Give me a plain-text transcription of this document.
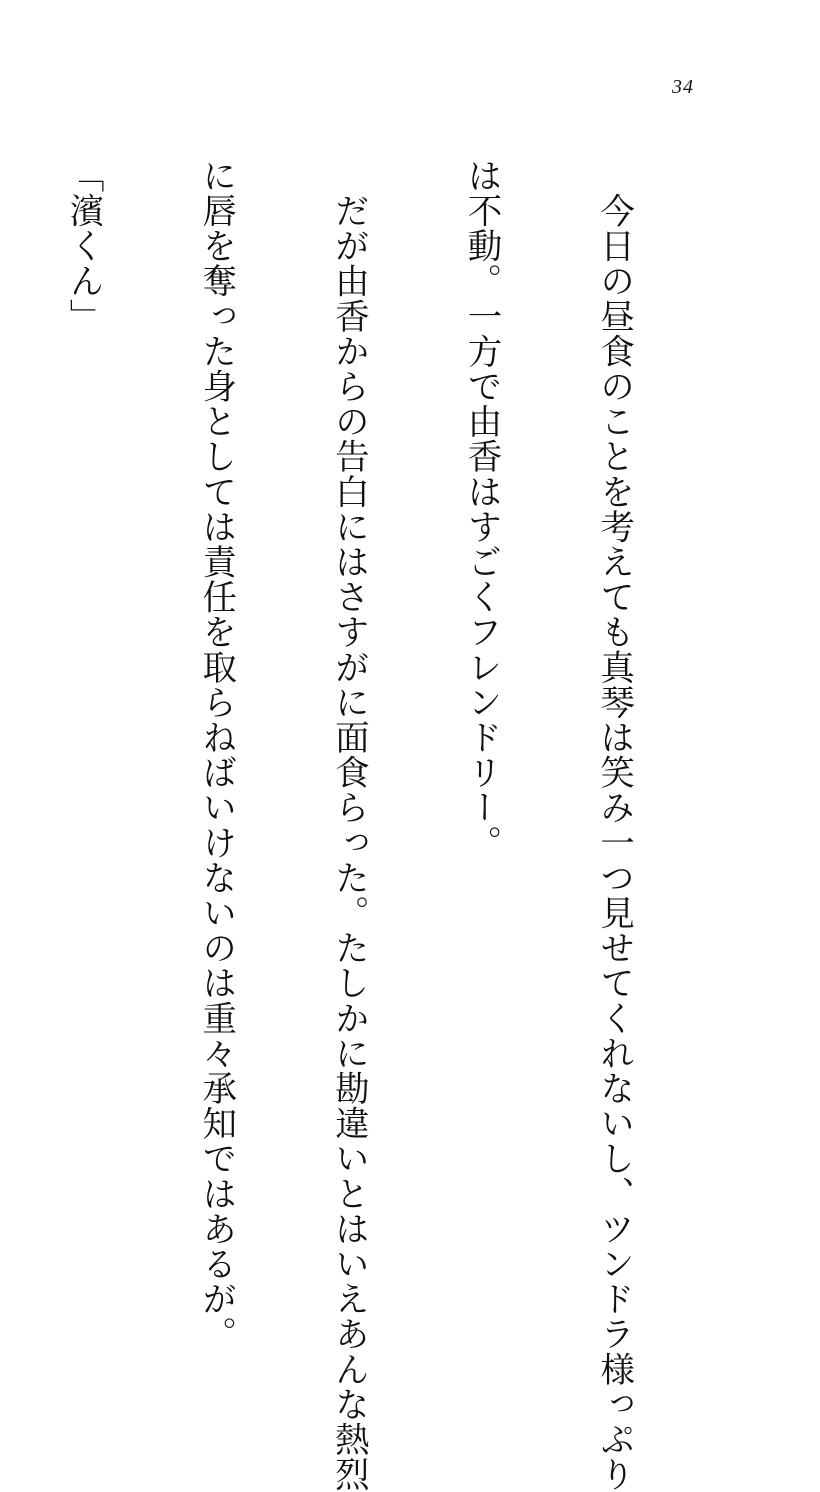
34

　今日の昼食のことを考えても真琴は笑み一つ見せてくれないし、ツンドラ様っぷり

は不動。一方で由香はすごくフレンドリー。

　だが由香からの告白にはさすがに面食らった。たしかに勘違いとはいえあんな熱烈

に唇を奪った身としては責任を取らねばいけないのは重々承知ではあるが。

「濱くん」
